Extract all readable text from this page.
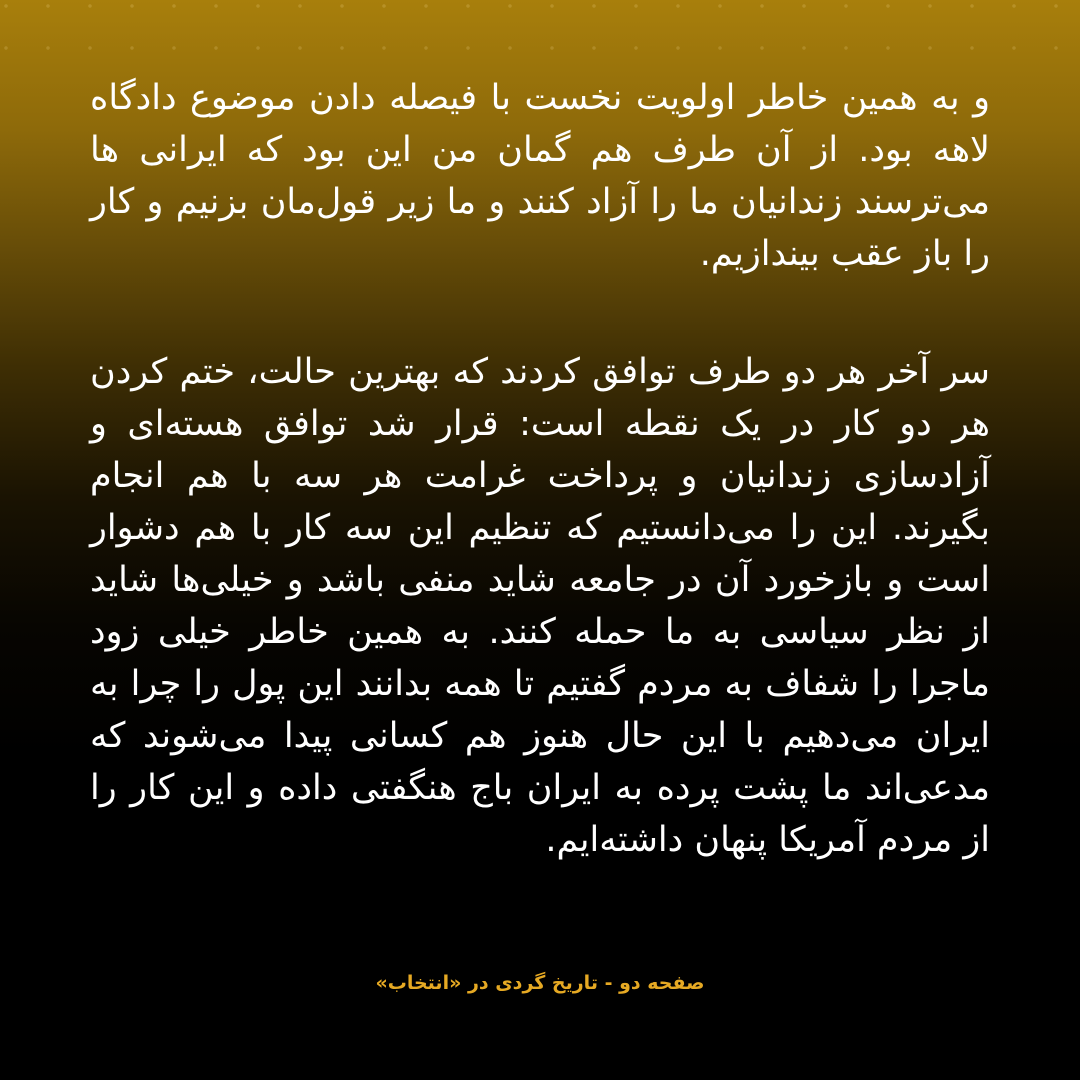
و به همین خاطر اولویت نخست با فیصله دادن موضوع دادگاه لاهه بود. از آن طرف هم گمان من این بود که ایرانی ها می‌ترسند زندانیان ما را آزاد کنند و ما زیر قول‌مان بزنیم و کار را باز عقب بیندازیم.

سر آخر هر دو طرف توافق کردند که بهترین حالت، ختم کردن هر دو کار در یک نقطه است: قرار شد توافق هسته‌ای و آزادسازی زندانیان و پرداخت غرامت هر سه با هم انجام بگیرند. این را می‌دانستیم که تنظیم این سه کار با هم دشوار است و بازخورد آن در جامعه شاید منفی باشد و خیلی‌ها شاید از نظر سیاسی به ما حمله کنند. به همین خاطر خیلی زود ماجرا را شفاف به مردم گفتیم تا همه بدانند این پول را چرا به ایران می‌دهیم با این حال هنوز هم کسانی پیدا می‌شوند که مدعی‌اند ما پشت پرده به ایران باج هنگفتی داده و این کار را از مردم آمریکا پنهان داشته‌ایم.

صفحه دو - تاریخ گردی در «انتخاب»
